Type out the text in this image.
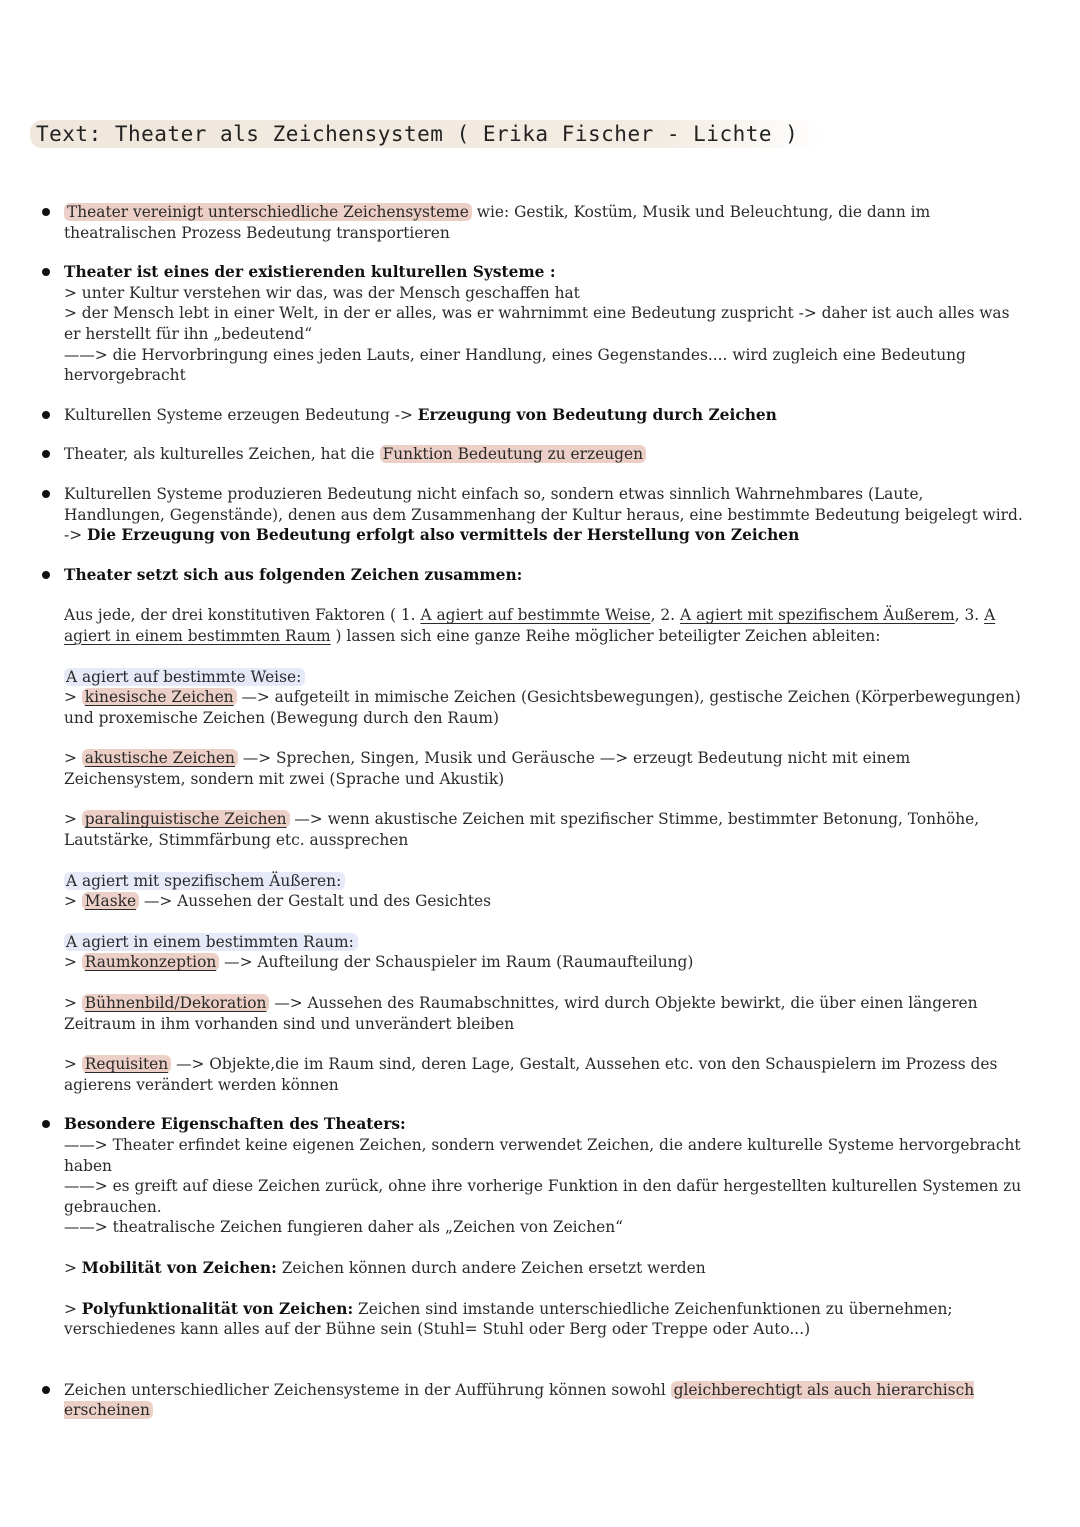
Text: Theater als Zeichensystem ( Erika Fischer - Lichte )

Theater vereinigt unterschiedliche Zeichensysteme wie: Gestik, Kostüm, Musik und Beleuchtung, die dann im theatralischen Prozess Bedeutung transportieren

Theater ist eines der existierenden kulturellen Systeme :

> unter Kultur verstehen wir das, was der Mensch geschaffen hat

> der Mensch lebt in einer Welt, in der er alles, was er wahrnimmt eine Bedeutung zuspricht -> daher ist auch alles was er herstellt für ihn „bedeutend“

——> die Hervorbringung eines jeden Lauts, einer Handlung, eines Gegenstandes.... wird zugleich eine Bedeutung hervorgebracht

Kulturellen Systeme erzeugen Bedeutung -> Erzeugung von Bedeutung durch Zeichen

Theater, als kulturelles Zeichen, hat die Funktion Bedeutung zu erzeugen

Kulturellen Systeme produzieren Bedeutung nicht einfach so, sondern etwas sinnlich Wahrnehmbares (Laute, Handlungen, Gegenstände), denen aus dem Zusammenhang der Kultur heraus, eine bestimmte Bedeutung beigelegt wird.

-> Die Erzeugung von Bedeutung erfolgt also vermittels der Herstellung von Zeichen

Theater setzt sich aus folgenden Zeichen zusammen:

Aus jede, der drei konstitutiven Faktoren ( 1. A agiert auf bestimmte Weise, 2. A agiert mit spezifischem Äußerem, 3. A agiert in einem bestimmten Raum ) lassen sich eine ganze Reihe möglicher beteiligter Zeichen ableiten:

A agiert auf bestimmte Weise:

> kinesische Zeichen —> aufgeteilt in mimische Zeichen (Gesichtsbewegungen), gestische Zeichen (Körperbewegungen) und proxemische Zeichen (Bewegung durch den Raum)

> akustische Zeichen —> Sprechen, Singen, Musik und Geräusche —> erzeugt Bedeutung nicht mit einem Zeichensystem, sondern mit zwei (Sprache und Akustik)

> paralinguistische Zeichen —> wenn akustische Zeichen mit spezifischer Stimme, bestimmter Betonung, Tonhöhe, Lautstärke, Stimmfärbung etc. aussprechen

A agiert mit spezifischem Äußeren:

> Maske —> Aussehen der Gestalt und des Gesichtes

A agiert in einem bestimmten Raum:

> Raumkonzeption —> Aufteilung der Schauspieler im Raum (Raumaufteilung)

> Bühnenbild/Dekoration —> Aussehen des Raumabschnittes, wird durch Objekte bewirkt, die über einen längeren Zeitraum in ihm vorhanden sind und unverändert bleiben

> Requisiten —> Objekte,die im Raum sind, deren Lage, Gestalt, Aussehen etc. von den Schauspielern im Prozess des agierens verändert werden können

Besondere Eigenschaften des Theaters:

——> Theater erfindet keine eigenen Zeichen, sondern verwendet Zeichen, die andere kulturelle Systeme hervorgebracht haben

——> es greift auf diese Zeichen zurück, ohne ihre vorherige Funktion in den dafür hergestellten kulturellen Systemen zu gebrauchen.

——> theatralische Zeichen fungieren daher als „Zeichen von Zeichen“

> Mobilität von Zeichen: Zeichen können durch andere Zeichen ersetzt werden

> Polyfunktionalität von Zeichen: Zeichen sind imstande unterschiedliche Zeichenfunktionen zu übernehmen; verschiedenes kann alles auf der Bühne sein (Stuhl= Stuhl oder Berg oder Treppe oder Auto...)

Zeichen unterschiedlicher Zeichensysteme in der Aufführung können sowohl gleichberechtigt als auch hierarchisch erscheinen
